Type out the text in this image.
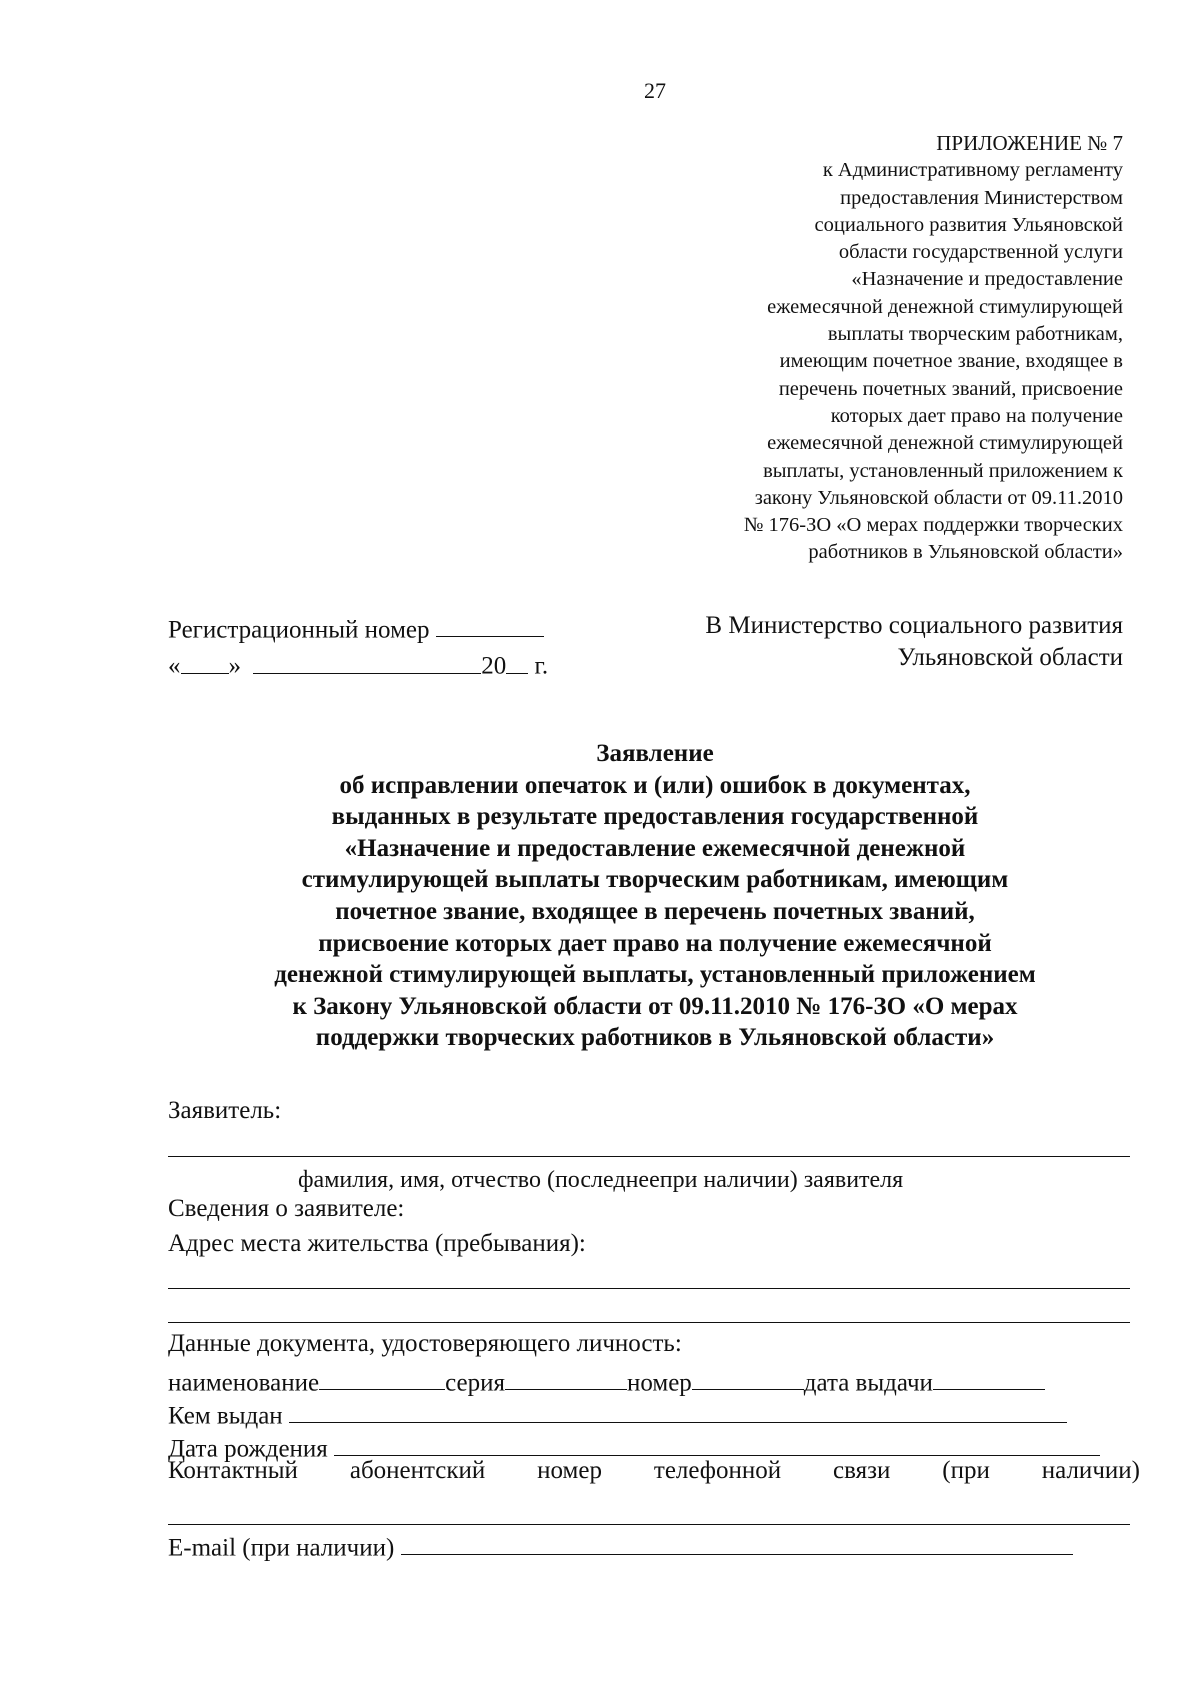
27
ПРИЛОЖЕНИЕ № 7
к Административному регламенту
предоставления Министерством
социального развития Ульяновской
области государственной услуги
«Назначение и предоставление
ежемесячной денежной стимулирующей
выплаты творческим работникам,
имеющим почетное звание, входящее в
перечень почетных званий, присвоение
которых дает право на получение
ежемесячной денежной стимулирующей
выплаты, установленный приложением к
закону Ульяновской области от 09.11.2010
№ 176-ЗО «О мерах поддержки творческих
работников в Ульяновской области»
Регистрационный номер
« »	20 г.
В Министерство социального развития
Ульяновской области
Заявление
об исправлении опечаток и (или) ошибок в документах,
выданных в результате предоставления государственной
«Назначение и предоставление ежемесячной денежной
стимулирующей выплаты творческим работникам, имеющим
почетное звание, входящее в перечень почетных званий,
присвоение которых дает право на получение ежемесячной
денежной стимулирующей выплаты, установленный приложением
к Закону Ульяновской области от 09.11.2010 № 176-ЗО «О мерах
поддержки творческих работников в Ульяновской области»
Заявитель:
фамилия, имя, отчество (последнеепри наличии) заявителя
Сведения о заявителе:
Адрес места жительства (пребывания):
Данные документа, удостоверяющего личность:
наименование	серия	номер	дата выдачи
Кем выдан
Дата рождения
Контактный абонентский номер телефонной связи (при наличии)
E-mail (при наличии)
